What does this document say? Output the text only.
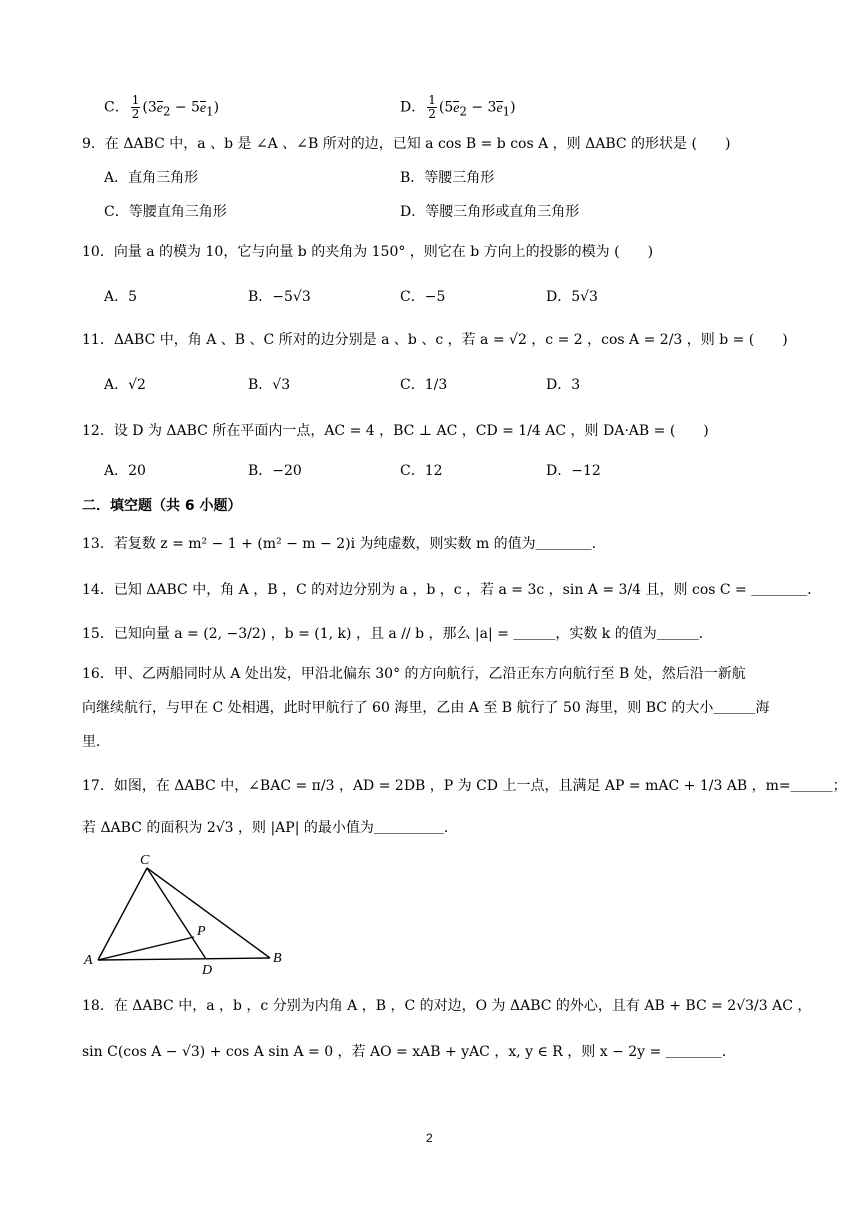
C． $\frac{1}{2} (3e_2 - 5e_1)$	D． $\frac{1}{2} (5e_2 - 3e_1)$
9．在 ΔABC 中，a 、b 是 ∠A 、∠B 所对的边，已知 a cos B = b cos A ，则 ΔABC 的形状是 (　　)
A．直角三角形	B．等腰三角形
C．等腰直角三角形	D．等腰三角形或直角三角形
10．向量 a 的模为 10，它与向量 b 的夹角为 150° ，则它在 b 方向上的投影的模为 (　　)
A．5	B．−5√3	C．−5	D．5√3
11．ΔABC 中，角 A 、B 、C 所对的边分别是 a 、b 、c ，若 a = √2 ，c = 2 ，cos A = 2/3 ，则 b = (　　)
A．√2	B．√3	C．1/3	D．3
12．设 D 为 ΔABC 所在平面内一点，AC = 4 ，BC ⊥ AC ，CD = 1/4 AC ，则 DA·AB = (　　)
A．20	B．−20	C．12	D．−12
二．填空题（共 6 小题）
13．若复数 z = m² − 1 + (m² − m − 2)i 为纯虚数，则实数 m 的值为＿＿＿＿．
14．已知 ΔABC 中，角 A ，B ，C 的对边分别为 a ，b ，c ，若 a = 3c ，sin A = 3/4 且，则 cos C = ＿＿＿＿．
15．已知向量 a = (2, −3/2) ，b = (1, k) ，且 a // b ，那么 |a| = ＿＿＿，实数 k 的值为＿＿＿．
16．甲、乙两船同时从 A 处出发，甲沿北偏东 30° 的方向航行，乙沿正东方向航行至 B 处，然后沿一新航
向继续航行，与甲在 C 处相遇，此时甲航行了 60 海里，乙由 A 至 B 航行了 50 海里，则 BC 的大小＿＿＿海
里．
17．如图，在 ΔABC 中，∠BAC = π/3 ，AD = 2DB ，P 为 CD 上一点，且满足 AP = mAC + 1/3 AB ，m=＿＿＿；
若 ΔABC 的面积为 2√3 ，则 |AP| 的最小值为＿＿＿＿＿．
C
P
A
D
B
18．在 ΔABC 中，a ，b ，c 分别为内角 A ，B ，C 的对边，O 为 ΔABC 的外心，且有 AB + BC = 2√3/3 AC ，
sin C(cos A − √3) + cos A sin A = 0 ，若 AO = xAB + yAC ，x, y ∈ R ，则 x − 2y = ＿＿＿＿．
2
